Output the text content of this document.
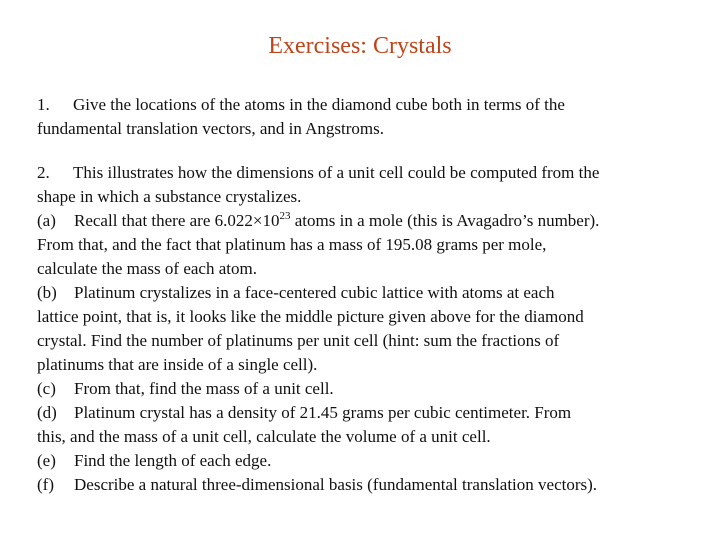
Exercises: Crystals
1. Give the locations of the atoms in the diamond cube both in terms of the
fundamental translation vectors, and in Angstroms.
2. This illustrates how the dimensions of a unit cell could be computed from the
shape in which a substance crystalizes.
(a) Recall that there are $6.022\times 10^{23}$ atoms in a mole (this is Avagadro’s number).
From that, and the fact that platinum has a mass of 195.08 grams per mole,
calculate the mass of each atom.
(b) Platinum crystalizes in a face-centered cubic lattice with atoms at each
lattice point, that is, it looks like the middle picture given above for the diamond
crystal. Find the number of platinums per unit cell (hint: sum the fractions of
platinums that are inside of a single cell).
(c) From that, find the mass of a unit cell.
(d) Platinum crystal has a density of 21.45 grams per cubic centimeter. From
this, and the mass of a unit cell, calculate the volume of a unit cell.
(e) Find the length of each edge.
(f) Describe a natural three-dimensional basis (fundamental translation vectors).
